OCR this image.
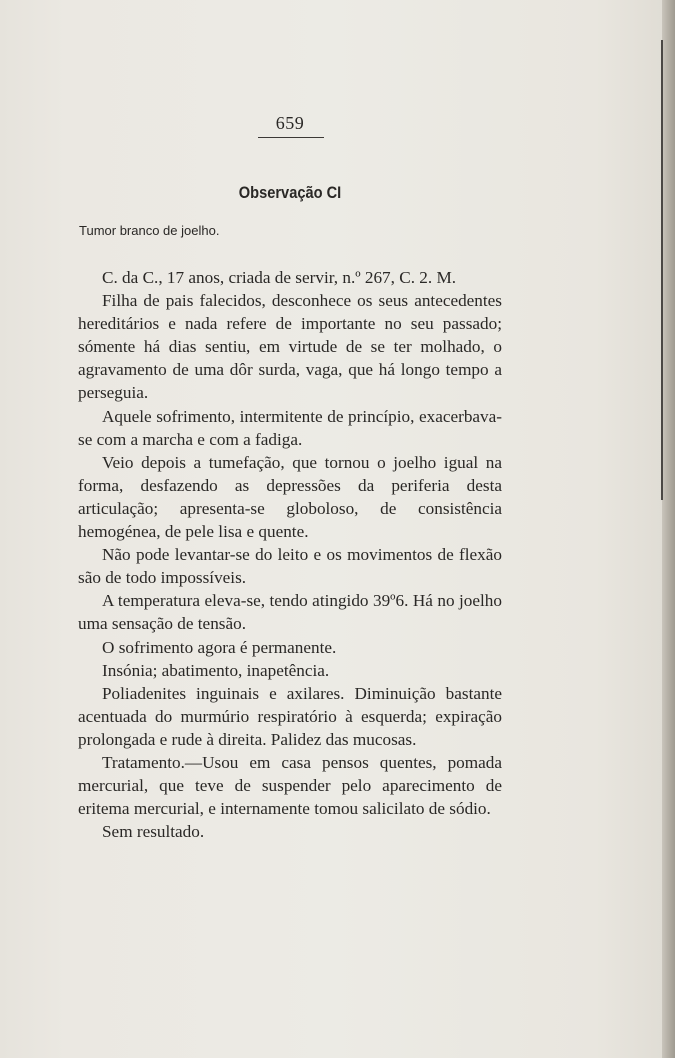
659
Observação CI
Tumor branco de joelho.

C. da C., 17 anos, criada de servir, n.º 267, C. 2. M.

Filha de pais falecidos, desconhece os seus antecedentes hereditários e nada refere de importante no seu passado; sómente há dias sentiu, em virtude de se ter molhado, o agravamento de uma dôr surda, vaga, que há longo tempo a perseguia.

Aquele sofrimento, intermitente de princípio, exacerbava-se com a marcha e com a fadiga.

Veio depois a tumefação, que tornou o joelho igual na forma, desfazendo as depressões da periferia desta articulação; apresenta-se globoloso, de consistência hemogénea, de pele lisa e quente.

Não pode levantar-se do leito e os movimentos de flexão são de todo impossíveis.

A temperatura eleva-se, tendo atingido 39º6. Há no joelho uma sensação de tensão.

O sofrimento agora é permanente.

Insónia; abatimento, inapetência.

Poliadenites inguinais e axilares. Diminuição bastante acentuada do murmúrio respiratório à esquerda; expiração prolongada e rude à direita. Palidez das mucosas.

Tratamento.—Usou em casa pensos quentes, pomada mercurial, que teve de suspender pelo aparecimento de eritema mercurial, e internamente tomou salicilato de sódio.

Sem resultado.
